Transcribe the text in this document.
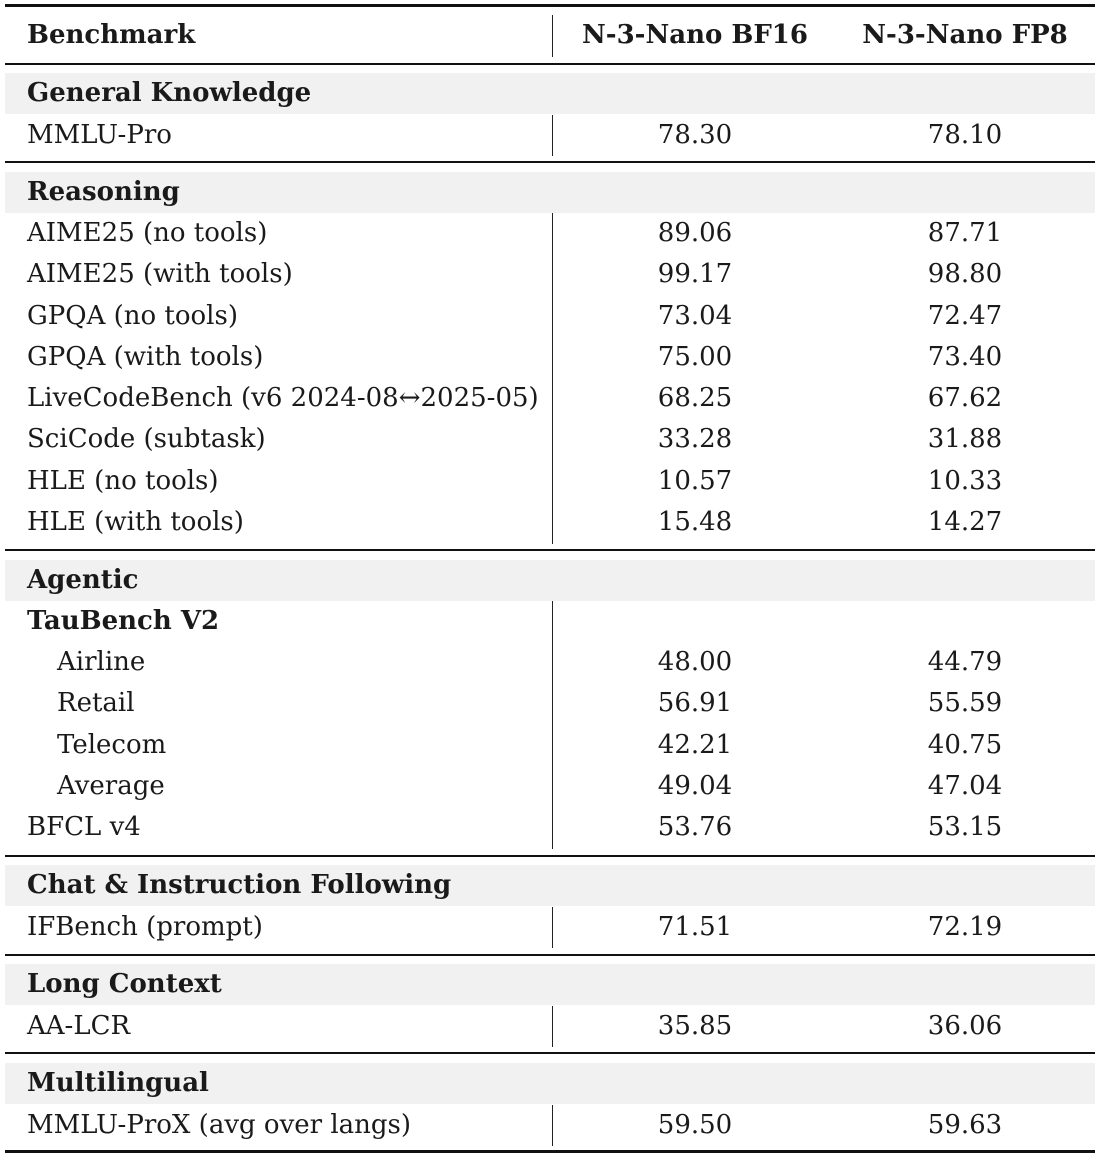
Benchmark	N-3-Nano BF16	N-3-Nano FP8
General Knowledge
MMLU-Pro	78.30	78.10
Reasoning
AIME25 (no tools)	89.06	87.71
AIME25 (with tools)	99.17	98.80
GPQA (no tools)	73.04	72.47
GPQA (with tools)	75.00	73.40
LiveCodeBench (v6 2024-08↔2025-05)	68.25	67.62
SciCode (subtask)	33.28	31.88
HLE (no tools)	10.57	10.33
HLE (with tools)	15.48	14.27
Agentic
TauBench V2
Airline	48.00	44.79
Retail	56.91	55.59
Telecom	42.21	40.75
Average	49.04	47.04
BFCL v4	53.76	53.15
Chat & Instruction Following
IFBench (prompt)	71.51	72.19
Long Context
AA-LCR	35.85	36.06
Multilingual
MMLU-ProX (avg over langs)	59.50	59.63
